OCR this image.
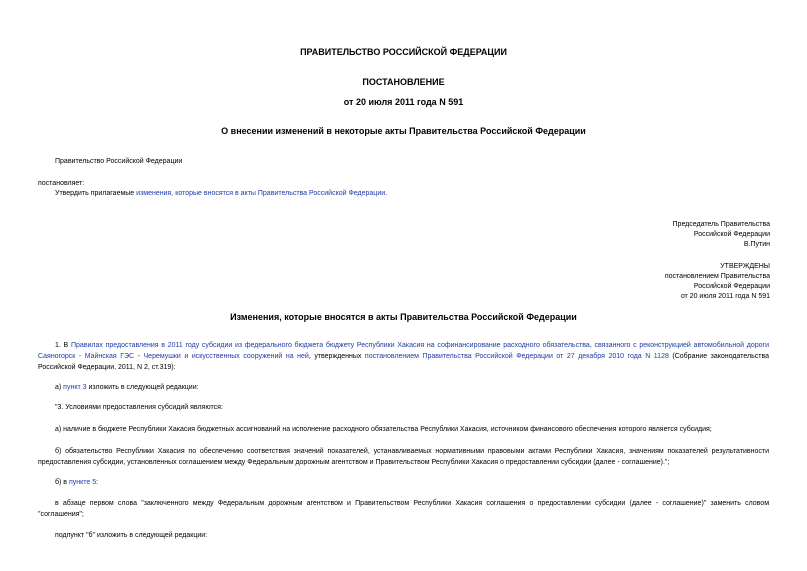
ПРАВИТЕЛЬСТВО РОССИЙСКОЙ ФЕДЕРАЦИИ
ПОСТАНОВЛЕНИЕ
от 20 июля 2011 года N 591
О внесении изменений в некоторые акты Правительства Российской Федерации
Правительство Российской Федерации
постановляет:
Утвердить прилагаемые изменения, которые вносятся в акты Правительства Российской Федерации.
Председатель Правительства
Российской Федерации
В.Путин
УТВЕРЖДЕНЫ
постановлением Правительства
Российской Федерации
от 20 июля 2011 года N 591
Изменения, которые вносятся в акты Правительства Российской Федерации
1. В Правилах предоставления в 2011 году субсидии из федерального бюджета бюджету Республики Хакасия на софинансирование расходного обязательства, связанного с реконструкцией автомобильной дороги Саяногорск - Майнская ГЭС - Черемушки и искусственных сооружений на ней, утвержденных постановлением Правительства Российской Федерации от 27 декабря 2010 года N 1128 (Собрание законодательства Российской Федерации, 2011, N 2, ст.319):
а) пункт 3 изложить в следующей редакции:
"3. Условиями предоставления субсидий являются:
а) наличие в бюджете Республики Хакасия бюджетных ассигнований на исполнение расходного обязательства Республики Хакасия, источником финансового обеспечения которого является субсидия;
б) обязательство Республики Хакасия по обеспечению соответствия значений показателей, устанавливаемых нормативными правовыми актами Республики Хакасия, значениям показателей результативности предоставления субсидии, установленных соглашением между Федеральным дорожным агентством и Правительством Республики Хакасия о предоставлении субсидии (далее - соглашение).";
б) в пункте 5:
в абзаце первом слова "заключенного между Федеральным дорожным агентством и Правительством Республики Хакасия соглашения о предоставлении субсидии (далее - соглашение)" заменить словом "соглашения";
подпункт "б" изложить в следующей редакции:
